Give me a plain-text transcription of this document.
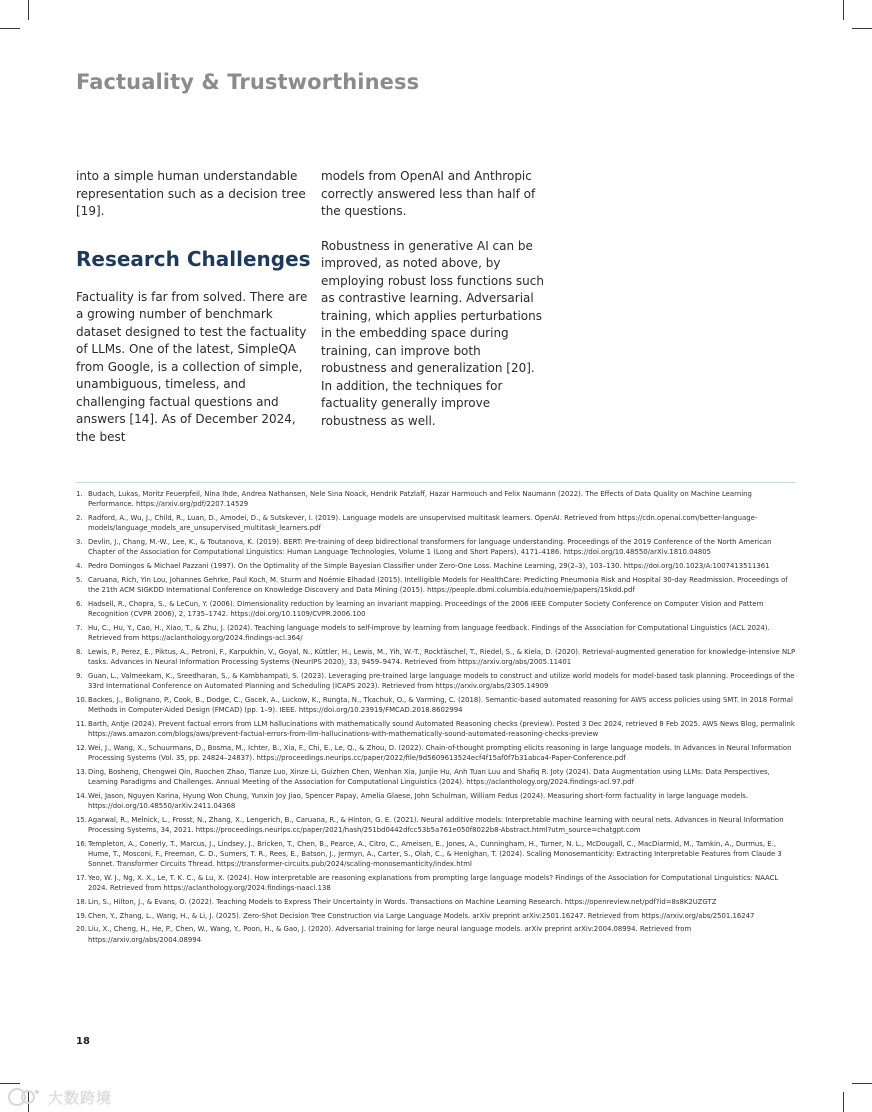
Factuality & Trustworthiness

into a simple human understandable representation such as a decision tree [19].

Research Challenges

Factuality is far from solved. There are a growing number of benchmark dataset designed to test the factuality of LLMs. One of the latest, SimpleQA from Google, is a collection of simple, unambiguous, timeless, and challenging factual questions and answers [14]. As of December 2024, the best

models from OpenAI and Anthropic correctly answered less than half of the questions.

Robustness in generative AI can be improved, as noted above, by employing robust loss functions such as contrastive learning. Adversarial training, which applies perturbations in the embedding space during training, can improve both robustness and generalization [20]. In addition, the techniques for factuality generally improve robustness as well.

1. Budach, Lukas, Moritz Feuerpfeil, Nina Ihde, Andrea Nathansen, Nele Sina Noack, Hendrik Patzlaff, Hazar Harmouch and Felix Naumann (2022). The Effects of Data Quality on Machine Learning Performance. https://arxiv.org/pdf/2207.14529
2. Radford, A., Wu, J., Child, R., Luan, D., Amodei, D., & Sutskever, I. (2019). Language models are unsupervised multitask learners. OpenAI. Retrieved from https://cdn.openai.com/better-language-models/language_models_are_unsupervised_multitask_learners.pdf
3. Devlin, J., Chang, M.-W., Lee, K., & Toutanova, K. (2019). BERT: Pre-training of deep bidirectional transformers for language understanding. Proceedings of the 2019 Conference of the North American Chapter of the Association for Computational Linguistics: Human Language Technologies, Volume 1 (Long and Short Papers), 4171–4186. https://doi.org/10.48550/arXiv.1810.04805
4. Pedro Domingos & Michael Pazzani (1997). On the Optimality of the Simple Bayesian Classifier under Zero-One Loss. Machine Learning, 29(2–3), 103–130. https://doi.org/10.1023/A:1007413511361
5. Caruana, Rich, Yin Lou, Johannes Gehrke, Paul Koch, M. Sturm and Noémie Elhadad (2015). Intelligible Models for HealthCare: Predicting Pneumonia Risk and Hospital 30-day Readmission. Proceedings of the 21th ACM SIGKDD International Conference on Knowledge Discovery and Data Mining (2015). https://people.dbmi.columbia.edu/noemie/papers/15kdd.pdf
6. Hadsell, R., Chopra, S., & LeCun, Y. (2006). Dimensionality reduction by learning an invariant mapping. Proceedings of the 2006 IEEE Computer Society Conference on Computer Vision and Pattern Recognition (CVPR 2006), 2, 1735–1742. https://doi.org/10.1109/CVPR.2006.100
7. Hu, C., Hu, Y., Cao, H., Xiao, T., & Zhu, J. (2024). Teaching language models to self-improve by learning from language feedback. Findings of the Association for Computational Linguistics (ACL 2024). Retrieved from https://aclanthology.org/2024.findings-acl.364/
8. Lewis, P., Perez, E., Piktus, A., Petroni, F., Karpukhin, V., Goyal, N., Küttler, H., Lewis, M., Yih, W.-T., Rocktäschel, T., Riedel, S., & Kiela, D. (2020). Retrieval-augmented generation for knowledge-intensive NLP tasks. Advances in Neural Information Processing Systems (NeurIPS 2020), 33, 9459–9474. Retrieved from https://arxiv.org/abs/2005.11401
9. Guan, L., Valmeekam, K., Sreedharan, S., & Kambhampati, S. (2023). Leveraging pre-trained large language models to construct and utilize world models for model-based task planning. Proceedings of the 33rd International Conference on Automated Planning and Scheduling (ICAPS 2023). Retrieved from https://arxiv.org/abs/2305.14909
10. Backes, J., Bolignano, P., Cook, B., Dodge, C., Gacek, A., Luckow, K., Rungta, N., Tkachuk, O., & Varming, C. (2018). Semantic-based automated reasoning for AWS access policies using SMT. In 2018 Formal Methods in Computer-Aided Design (FMCAD) (pp. 1–9). IEEE. https://doi.org/10.23919/FMCAD.2018.8602994
11. Barth, Antje (2024). Prevent factual errors from LLM hallucinations with mathematically sound Automated Reasoning checks (preview). Posted 3 Dec 2024, retrieved 8 Feb 2025. AWS News Blog, permalink https://aws.amazon.com/blogs/aws/prevent-factual-errors-from-llm-hallucinations-with-mathematically-sound-automated-reasoning-checks-preview
12. Wei, J., Wang, X., Schuurmans, D., Bosma, M., Ichter, B., Xia, F., Chi, E., Le, Q., & Zhou, D. (2022). Chain-of-thought prompting elicits reasoning in large language models. In Advances in Neural Information Processing Systems (Vol. 35, pp. 24824–24837). https://proceedings.neurips.cc/paper/2022/file/9d5609613524ecf4f15af0f7b31abca4-Paper-Conference.pdf
13. Ding, Bosheng, Chengwei Qin, Ruochen Zhao, Tianze Luo, Xinze Li, Guizhen Chen, Wenhan Xia, Junjie Hu, Anh Tuan Luu and Shafiq R. Joty (2024). Data Augmentation using LLMs: Data Perspectives, Learning Paradigms and Challenges. Annual Meeting of the Association for Computational Linguistics (2024). https://aclanthology.org/2024.findings-acl.97.pdf
14. Wei, Jason, Nguyen Karina, Hyung Won Chung, Yunxin Joy Jiao, Spencer Papay, Amelia Glaese, John Schulman, William Fedus (2024). Measuring short-form factuality in large language models. https://doi.org/10.48550/arXiv.2411.04368
15. Agarwal, R., Melnick, L., Frosst, N., Zhang, X., Lengerich, B., Caruana, R., & Hinton, G. E. (2021). Neural additive models: Interpretable machine learning with neural nets. Advances in Neural Information Processing Systems, 34, 2021. https://proceedings.neurips.cc/paper/2021/hash/251bd0442dfcc53b5a761e050f8022b8-Abstract.html?utm_source=chatgpt.com
16. Templeton, A., Conerly, T., Marcus, J., Lindsey, J., Bricken, T., Chen, B., Pearce, A., Citro, C., Ameisen, E., Jones, A., Cunningham, H., Turner, N. L., McDougall, C., MacDiarmid, M., Tamkin, A., Durmus, E., Hume, T., Mosconi, F., Freeman, C. D., Sumers, T. R., Rees, E., Batson, J., Jermyn, A., Carter, S., Olah, C., & Henighan, T. (2024). Scaling Monosemanticity: Extracting Interpretable Features from Claude 3 Sonnet. Transformer Circuits Thread. https://transformer-circuits.pub/2024/scaling-monosemanticity/index.html
17. Yeo, W. J., Ng, X. X., Le, T. K. C., & Lu, X. (2024). How interpretable are reasoning explanations from prompting large language models? Findings of the Association for Computational Linguistics: NAACL 2024. Retrieved from https://aclanthology.org/2024.findings-naacl.138
18. Lin, S., Hilton, J., & Evans, O. (2022). Teaching Models to Express Their Uncertainty in Words. Transactions on Machine Learning Research. https://openreview.net/pdf?id=8s8K2UZGTZ
19. Chen, Y., Zhang, L., Wang, H., & Li, J. (2025). Zero-Shot Decision Tree Construction via Large Language Models. arXiv preprint arXiv:2501.16247. Retrieved from https://arxiv.org/abs/2501.16247
20. Liu, X., Cheng, H., He, P., Chen, W., Wang, Y., Poon, H., & Gao, J. (2020). Adversarial training for large neural language models. arXiv preprint arXiv:2004.08994. Retrieved from https://arxiv.org/abs/2004.08994
18
大数跨境
